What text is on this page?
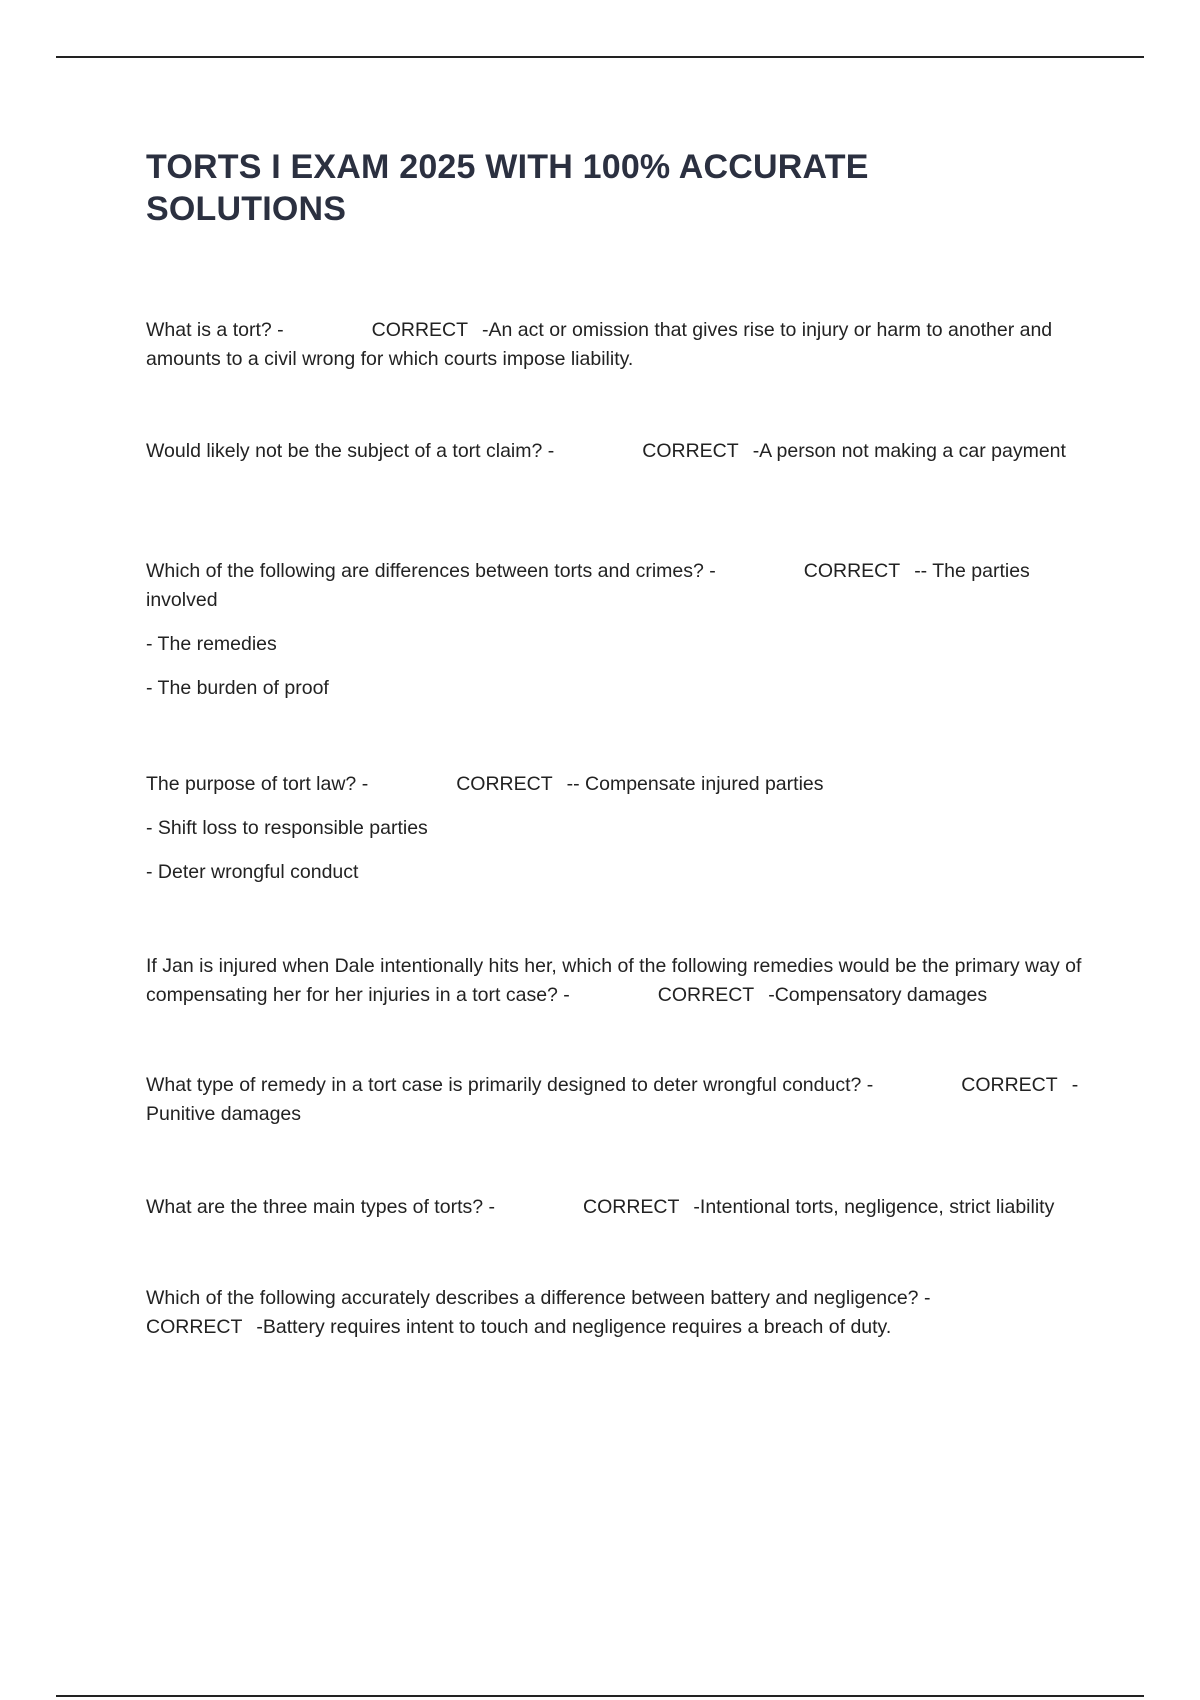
TORTS I EXAM 2025 WITH 100% ACCURATE SOLUTIONS

What is a tort? -	CORRECT -An act or omission that gives rise to injury or harm to another and amounts to a civil wrong for which courts impose liability.

Would likely not be the subject of a tort claim? -	CORRECT -A person not making a car payment

Which of the following are differences between torts and crimes? -	CORRECT -- The parties involved

- The remedies

- The burden of proof

The purpose of tort law? -	CORRECT -- Compensate injured parties

- Shift loss to responsible parties

- Deter wrongful conduct

If Jan is injured when Dale intentionally hits her, which of the following remedies would be the primary way of compensating her for her injuries in a tort case? -	CORRECT -Compensatory damages

What type of remedy in a tort case is primarily designed to deter wrongful conduct? -	CORRECT -Punitive damages

What are the three main types of torts? -	CORRECT -Intentional torts, negligence, strict liability

Which of the following accurately describes a difference between battery and negligence? -CORRECT -Battery requires intent to touch and negligence requires a breach of duty.
